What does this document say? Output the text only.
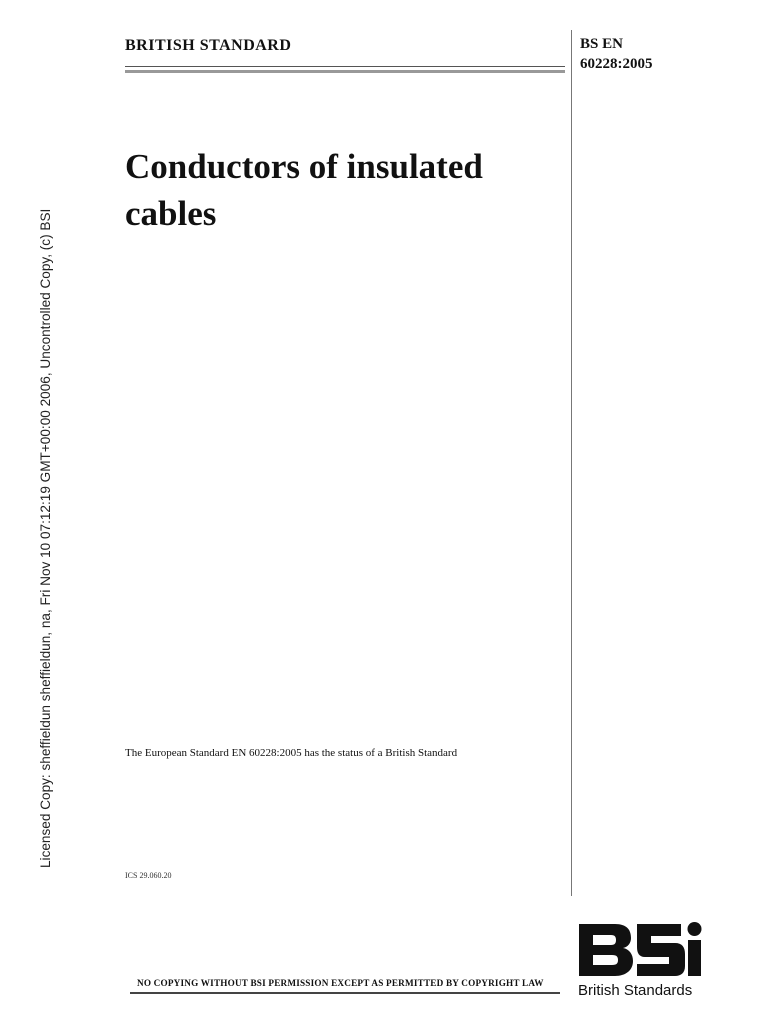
Licensed Copy: sheffieldun sheffieldun, na, Fri Nov 10 07:12:19 GMT+00:00 2006, Uncontrolled Copy, (c) BSI
BRITISH STANDARD	BS EN
60228:2005
Conductors of insulated
cables
The European Standard EN 60228:2005 has the status of a British Standard
ICS 29.060.20
NO COPYING WITHOUT BSI PERMISSION EXCEPT AS PERMITTED BY COPYRIGHT LAW British Standards
